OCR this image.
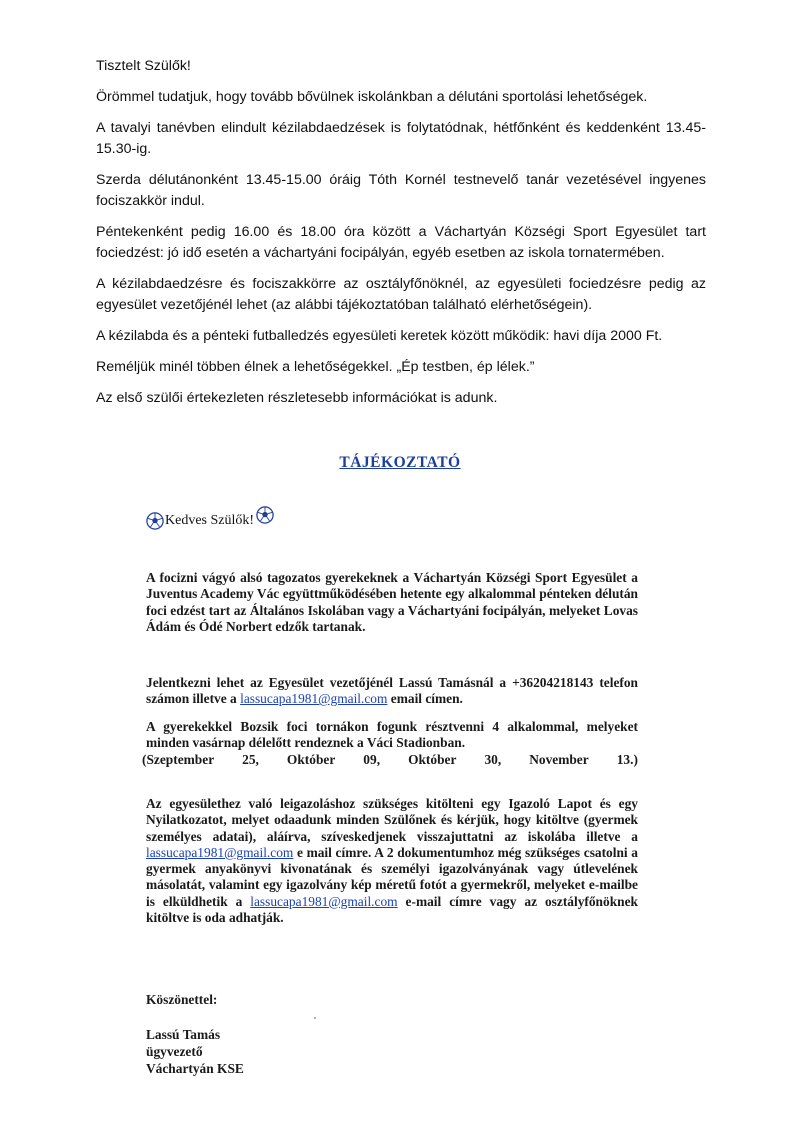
Tisztelt Szülők!

Örömmel tudatjuk, hogy tovább bővülnek iskolánkban a délutáni sportolási lehetőségek.

A tavalyi tanévben elindult kézilabdaedzések is folytatódnak, hétfőnként és keddenként 13.45-15.30-ig.

Szerda délutánonként 13.45-15.00 óráig Tóth Kornél testnevelő tanár vezetésével ingyenes fociszakkör indul.

Péntekenként pedig 16.00 és 18.00 óra között a Váchartyán Községi Sport Egyesület tart fociedzést: jó idő esetén a váchartyáni focipályán, egyéb esetben az iskola tornatermében.

A kézilabdaedzésre és fociszakkörre az osztályfőnöknél, az egyesületi fociedzésre pedig az egyesület vezetőjénél lehet (az alábbi tájékoztatóban található elérhetőségein).

A kézilabda és a pénteki futballedzés egyesületi keretek között működik: havi díja 2000 Ft.

Reméljük minél többen élnek a lehetőségekkel. „Ép testben, ép lélek.”

Az első szülői értekezleten részletesebb információkat is adunk.

TÁJÉKOZTATÓ
Kedves Szülők!

A focizni vágyó alsó tagozatos gyerekeknek a Váchartyán Községi Sport Egyesület a Juventus Academy Vác együttműködésében hetente egy alkalommal pénteken délután foci edzést tart az Általános Iskolában vagy a Váchartyáni focipályán, melyeket Lovas Ádám és Ódé Norbert edzők tartanak.

Jelentkezni lehet az Egyesület vezetőjénél Lassú Tamásnál a +36204218143 telefon számon illetve a lassucapa1981@gmail.com email címen.

A gyerekekkel Bozsik foci tornákon fogunk résztvenni 4 alkalommal, melyeket minden vasárnap délelőtt rendeznek a Váci Stadionban.

(Szeptember 25, Október 09, Október 30, November 13.)

Az egyesülethez való leigazoláshoz szükséges kitölteni egy Igazoló Lapot és egy Nyilatkozatot, melyet odaadunk minden Szülőnek és kérjük, hogy kitöltve (gyermek személyes adatai), aláírva, szíveskedjenek visszajuttatni az iskolába illetve a lassucapa1981@gmail.com e mail címre. A 2 dokumentumhoz még szükséges csatolni a gyermek anyakönyvi kivonatának és személyi igazolványának vagy útlevelének másolatát, valamint egy igazolvány kép méretű fotót a gyermekről, melyeket e-mailbe is elküldhetik a lassucapa1981@gmail.com e-mail címre vagy az osztályfőnöknek kitöltve is oda adhatják.

Köszönettel:
Lassú Tamás
ügyvezető
Váchartyán KSE
